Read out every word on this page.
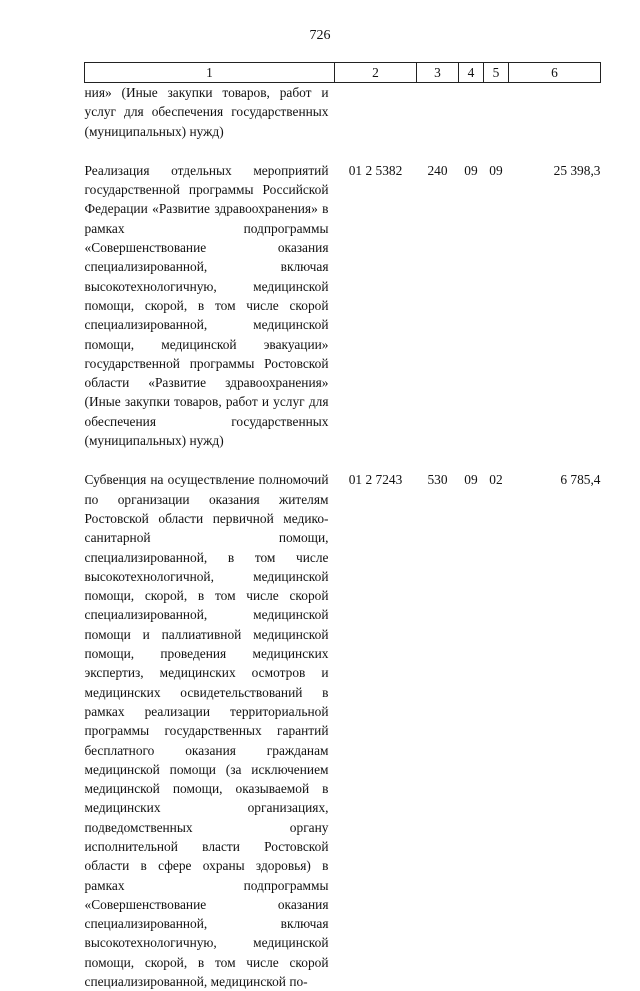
726
1	2	3	4	5	6
ния» (Иные закупки товаров, работ и услуг для обеспечения государственных (муниципальных) нужд)					

Реализация отдельных мероприятий государственной программы Российской Федерации «Развитие здравоохранения» в рамках подпрограммы «Совершенствование оказания специализированной, включая высокотехнологичную, медицинской помощи, скорой, в том числе скорой специализированной, медицинской помощи, медицинской эвакуации» государственной программы Ростовской области «Развитие здравоохранения» (Иные закупки товаров, работ и услуг для обеспечения государственных (муниципальных) нужд)	01 2 5382	240	09	09	25 398,3

Субвенция на осуществление полномочий по организации оказания жителям Ростовской области первичной медико-санитарной помощи, специализированной, в том числе высокотехнологичной, медицинской помощи, скорой, в том числе скорой специализированной, медицинской помощи и паллиативной медицинской помощи, проведения медицинских экспертиз, медицинских осмотров и медицинских освидетельствований в рамках реализации территориальной программы государственных гарантий бесплатного оказания гражданам медицинской помощи (за исключением медицинской помощи, оказываемой в медицинских организациях, подведомственных органу исполнительной власти Ростовской области в сфере охраны здоровья) в рамках подпрограммы «Совершенствование оказания специализированной, включая высокотехнологичную, медицинской помощи, скорой, в том числе скорой специализированной, медицинской по-	01 2 7243	530	09	02	6 785,4
